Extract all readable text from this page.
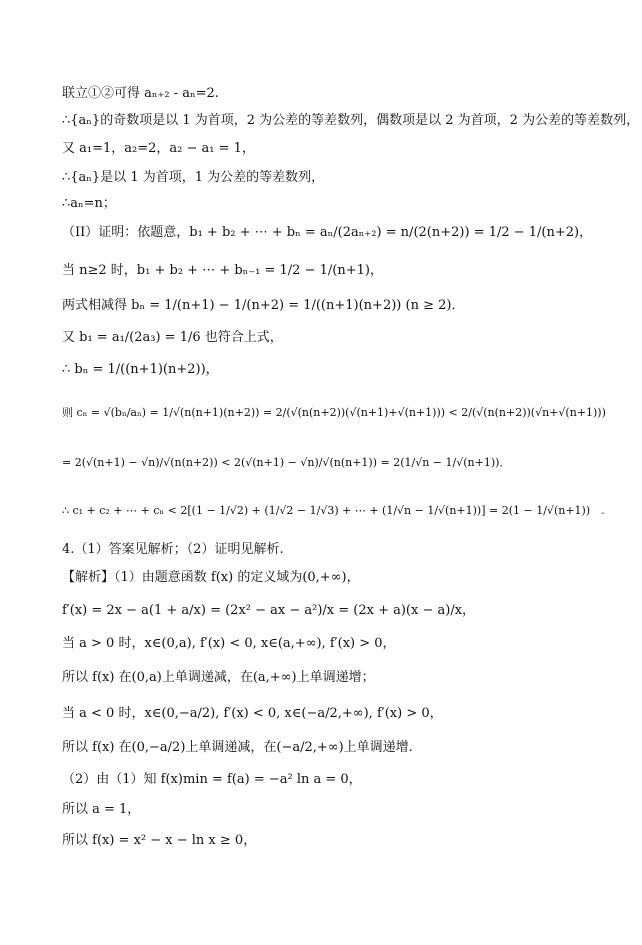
联立①②可得 aₙ₊₂ - aₙ=2.
∴{aₙ}的奇数项是以 1 为首项，2 为公差的等差数列，偶数项是以 2 为首项，2 为公差的等差数列，
又 a₁=1，a₂=2，a₂ − a₁ = 1，
∴{aₙ}是以 1 为首项，1 为公差的等差数列，
∴aₙ=n；
（II）证明：依题意，b₁ + b₂ + ⋯ + bₙ = aₙ/(2aₙ₊₂) = n/(2(n+2)) = 1/2 − 1/(n+2)，
当 n≥2 时，b₁ + b₂ + ⋯ + bₙ₋₁ = 1/2 − 1/(n+1)，
两式相减得 bₙ = 1/(n+1) − 1/(n+2) = 1/((n+1)(n+2)) (n ≥ 2)．
又 b₁ = a₁/(2a₃) = 1/6 也符合上式，
∴ bₙ = 1/((n+1)(n+2))，
则 cₙ = √(bₙ/aₙ) = 1/√(n(n+1)(n+2)) = 2/(√(n(n+2))(√(n+1)+√(n+1))) < 2/(√(n(n+2))(√n+√(n+1)))
= 2(√(n+1) − √n)/√(n(n+2)) < 2(√(n+1) − √n)/√(n(n+1)) = 2(1/√n − 1/√(n+1))．
∴ c₁ + c₂ + ⋯ + cₙ < 2[(1 − 1/√2) + (1/√2 − 1/√3) + ⋯ + (1/√n − 1/√(n+1))] = 2(1 − 1/√(n+1))　.
4.（1）答案见解析；（2）证明见解析.
【解析】（1）由题意函数 f(x) 的定义域为(0,+∞)，
f′(x) = 2x − a(1 + a/x) = (2x² − ax − a²)/x = (2x + a)(x − a)/x，
当 a > 0 时，x∈(0,a), f′(x) < 0, x∈(a,+∞), f′(x) > 0，
所以 f(x) 在(0,a)上单调递减，在(a,+∞)上单调递增；
当 a < 0 时，x∈(0,−a/2), f′(x) < 0, x∈(−a/2,+∞), f′(x) > 0，
所以 f(x) 在(0,−a/2)上单调递减，在(−a/2,+∞)上单调递增.
（2）由（1）知 f(x)min = f(a) = −a² ln a = 0，
所以 a = 1，
所以 f(x) = x² − x − ln x ≥ 0，
